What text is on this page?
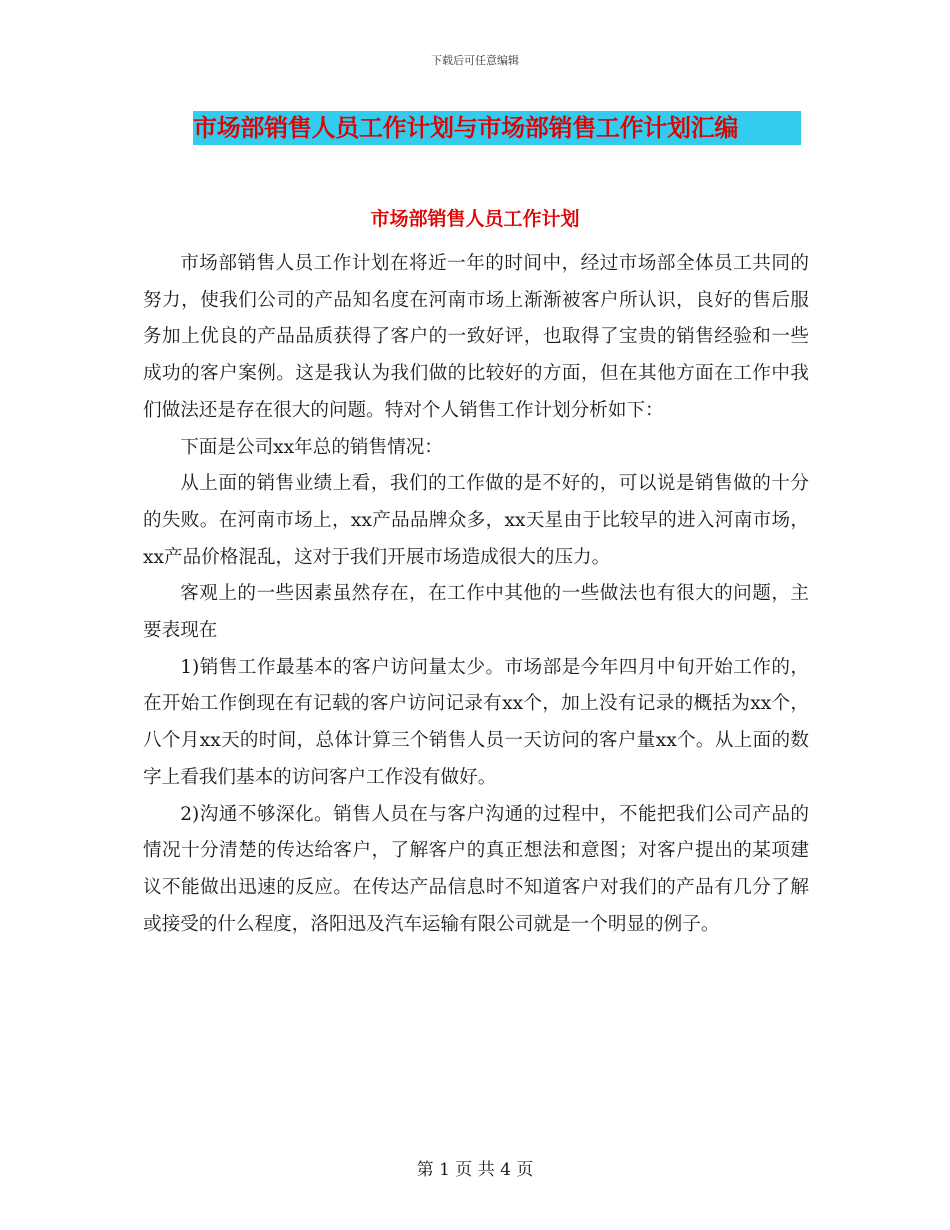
下载后可任意编辑
市场部销售人员工作计划与市场部销售工作计划汇编
市场部销售人员工作计划

市场部销售人员工作计划在将近一年的时间中，经过市场部全体员工共同的努力，使我们公司的产品知名度在河南市场上渐渐被客户所认识，良好的售后服务加上优良的产品品质获得了客户的一致好评，也取得了宝贵的销售经验和一些成功的客户案例。这是我认为我们做的比较好的方面，但在其他方面在工作中我们做法还是存在很大的问题。特对个人销售工作计划分析如下：

下面是公司xx年总的销售情况：

从上面的销售业绩上看，我们的工作做的是不好的，可以说是销售做的十分的失败。在河南市场上，xx产品品牌众多，xx天星由于比较早的进入河南市场，xx产品价格混乱，这对于我们开展市场造成很大的压力。

客观上的一些因素虽然存在，在工作中其他的一些做法也有很大的问题，主要表现在

1)销售工作最基本的客户访问量太少。市场部是今年四月中旬开始工作的，在开始工作倒现在有记载的客户访问记录有xx个，加上没有记录的概括为xx个，八个月xx天的时间，总体计算三个销售人员一天访问的客户量xx个。从上面的数字上看我们基本的访问客户工作没有做好。

2)沟通不够深化。销售人员在与客户沟通的过程中，不能把我们公司产品的情况十分清楚的传达给客户，了解客户的真正想法和意图；对客户提出的某项建议不能做出迅速的反应。在传达产品信息时不知道客户对我们的产品有几分了解或接受的什么程度，洛阳迅及汽车运输有限公司就是一个明显的例子。

第 1 页 共 4 页
